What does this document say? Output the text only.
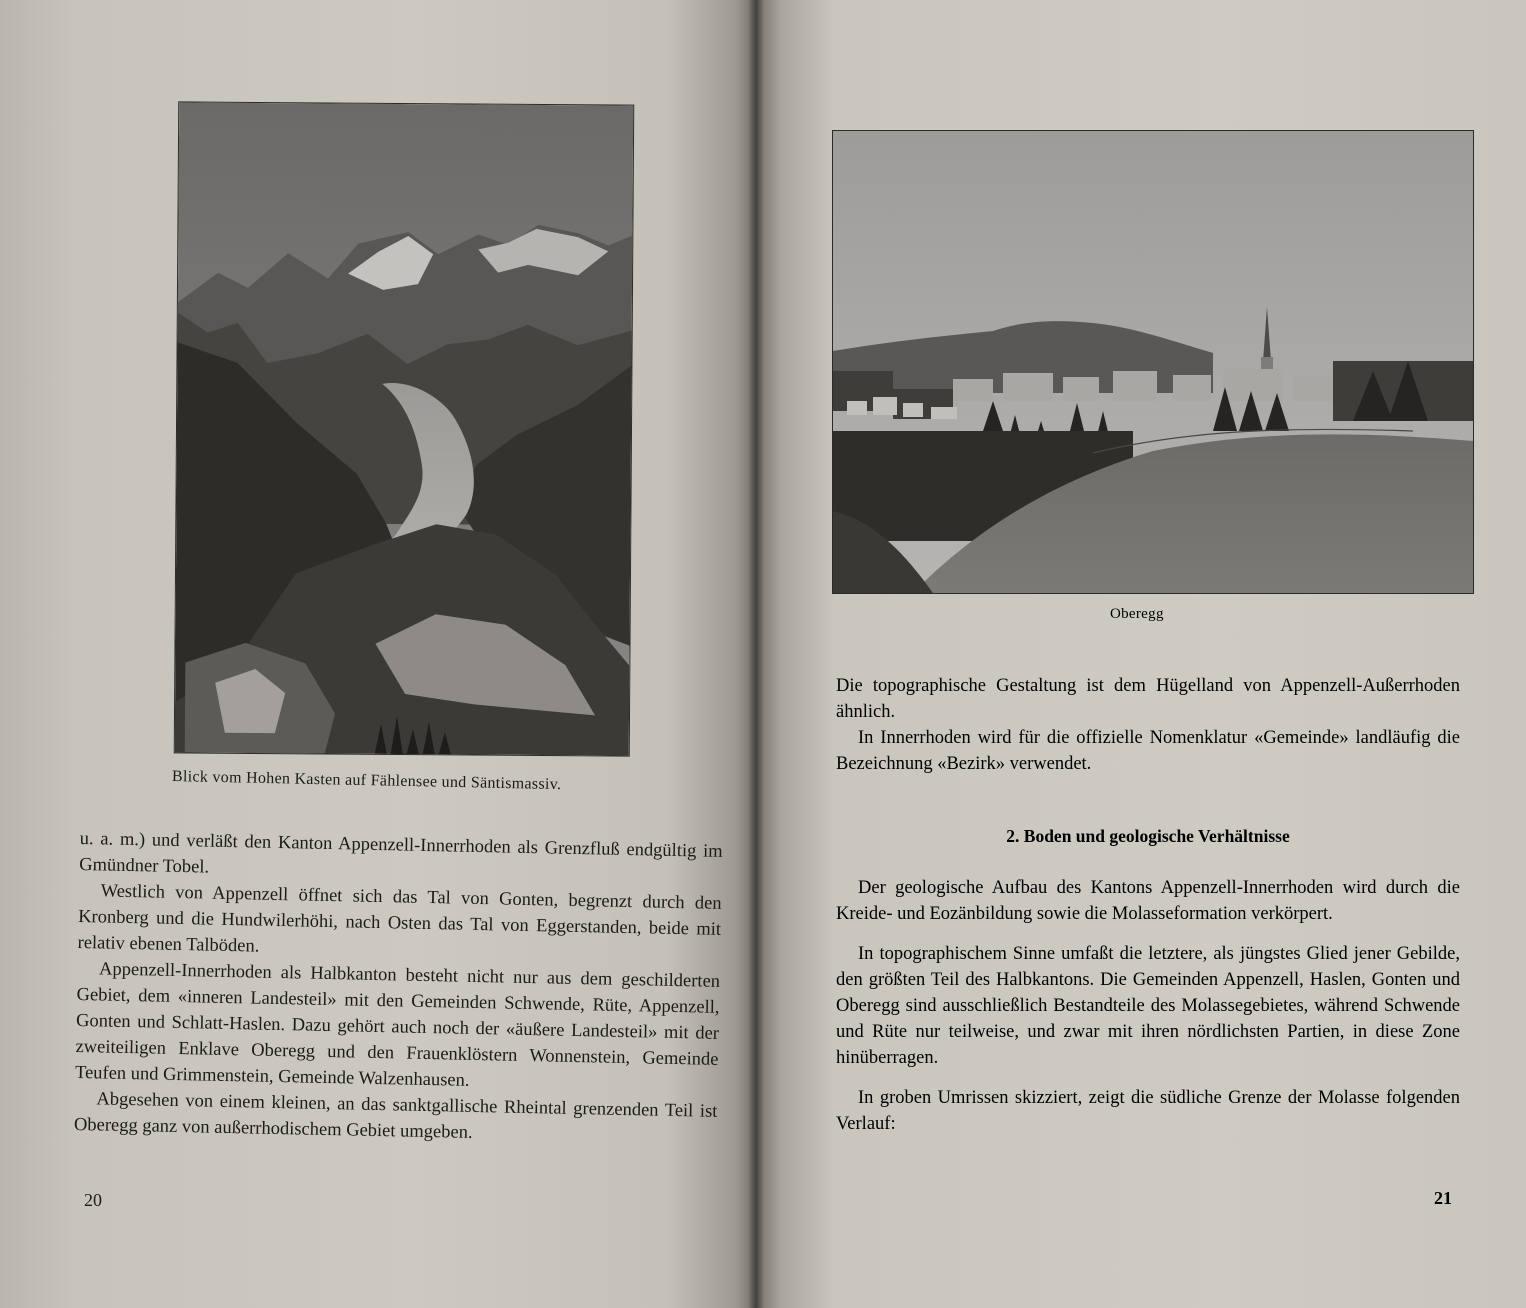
Blick vom Hohen Kasten auf Fählensee und Säntismassiv.

u. a. m.) und verläßt den Kanton Appenzell-Innerrhoden als Grenzfluß endgültig im Gmündner Tobel.

Westlich von Appenzell öffnet sich das Tal von Gonten, begrenzt durch den Kronberg und die Hundwilerhöhi, nach Osten das Tal von Eggerstanden, beide mit relativ ebenen Talböden.

Appenzell-Innerrhoden als Halbkanton besteht nicht nur aus dem geschilderten Gebiet, dem «inneren Landesteil» mit den Gemeinden Schwende, Rüte, Appenzell, Gonten und Schlatt-Haslen. Dazu gehört auch noch der «äußere Landesteil» mit der zweiteiligen Enklave Oberegg und den Frauenklöstern Wonnenstein, Gemeinde Teufen und Grimmenstein, Gemeinde Walzenhausen.

Abgesehen von einem kleinen, an das sanktgallische Rheintal grenzenden Teil ist Oberegg ganz von außerrhodischem Gebiet umgeben.

20
Oberegg

Die topographische Gestaltung ist dem Hügelland von Appenzell-Außerrhoden ähnlich.

In Innerrhoden wird für die offizielle Nomenklatur «Gemeinde» landläufig die Bezeichnung «Bezirk» verwendet.

2. Boden und geologische Verhältnisse

Der geologische Aufbau des Kantons Appenzell-Innerrhoden wird durch die Kreide- und Eozänbildung sowie die Molasseformation verkörpert.

In topographischem Sinne umfaßt die letztere, als jüngstes Glied jener Gebilde, den größten Teil des Halbkantons. Die Gemeinden Appenzell, Haslen, Gonten und Oberegg sind ausschließlich Bestandteile des Molassegebietes, während Schwende und Rüte nur teilweise, und zwar mit ihren nördlichsten Partien, in diese Zone hinüberragen.

In groben Umrissen skizziert, zeigt die südliche Grenze der Molasse folgenden Verlauf:

21
